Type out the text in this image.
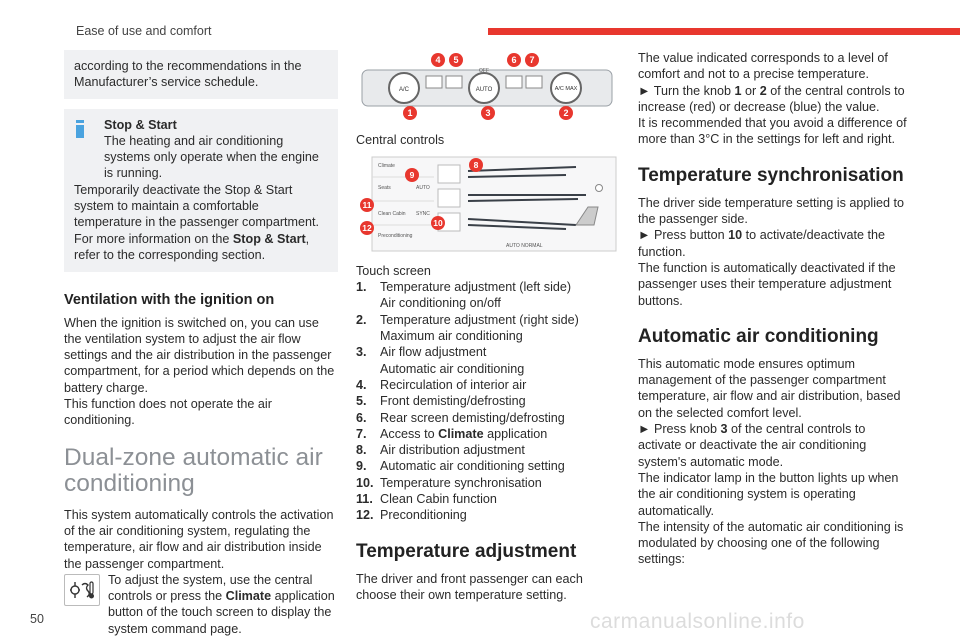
Ease of use and comfort

according to the recommendations in the Manufacturer’s service schedule.

Stop & Start

The heating and air conditioning systems only operate when the engine is running.

Temporarily deactivate the Stop & Start system to maintain a comfortable temperature in the passenger compartment.

For more information on the Stop & Start, refer to the corresponding section.

Ventilation with the ignition on

When the ignition is switched on, you can use the ventilation system to adjust the air flow settings and the air distribution in the passenger compartment, for a period which depends on the battery charge.

This function does not operate the air conditioning.

Dual-zone automatic air conditioning

This system automatically controls the activation of the air conditioning system, regulating the temperature, air flow and air distribution inside the passenger compartment.

To adjust the system, use the central controls or press the Climate application button of the touch screen to display the system command page.

A/C	AUTO	A/C MAX
OFF
4 5	6 7
1	3	2

Central controls

Climate
Seats
Clean Cabin
Preconditioning
AUTO
SYNC
AUTO NORMAL
8
9
10
11
12

Touch screen

1. Temperature adjustment (left side)
Air conditioning on/off
2. Temperature adjustment (right side)
Maximum air conditioning
3. Air flow adjustment
Automatic air conditioning
4. Recirculation of interior air
5. Front demisting/defrosting
6. Rear screen demisting/defrosting
7. Access to Climate application
8. Air distribution adjustment
9. Automatic air conditioning setting
10. Temperature synchronisation
11. Clean Cabin function
12. Preconditioning
Temperature adjustment

The driver and front passenger can each choose their own temperature setting.

The value indicated corresponds to a level of comfort and not to a precise temperature.

► Turn the knob 1 or 2 of the central controls to increase (red) or decrease (blue) the value.

It is recommended that you avoid a difference of more than 3°C in the settings for left and right.

Temperature synchronisation

The driver side temperature setting is applied to the passenger side.

► Press button 10 to activate/deactivate the function.

The function is automatically deactivated if the passenger uses their temperature adjustment buttons.

Automatic air conditioning

This automatic mode ensures optimum management of the passenger compartment temperature, air flow and air distribution, based on the selected comfort level.

► Press knob 3 of the central controls to activate or deactivate the air conditioning system's automatic mode.

The indicator lamp in the button lights up when the air conditioning system is operating automatically.

The intensity of the automatic air conditioning is modulated by choosing one of the following settings:

50	carmanualsonline.info
